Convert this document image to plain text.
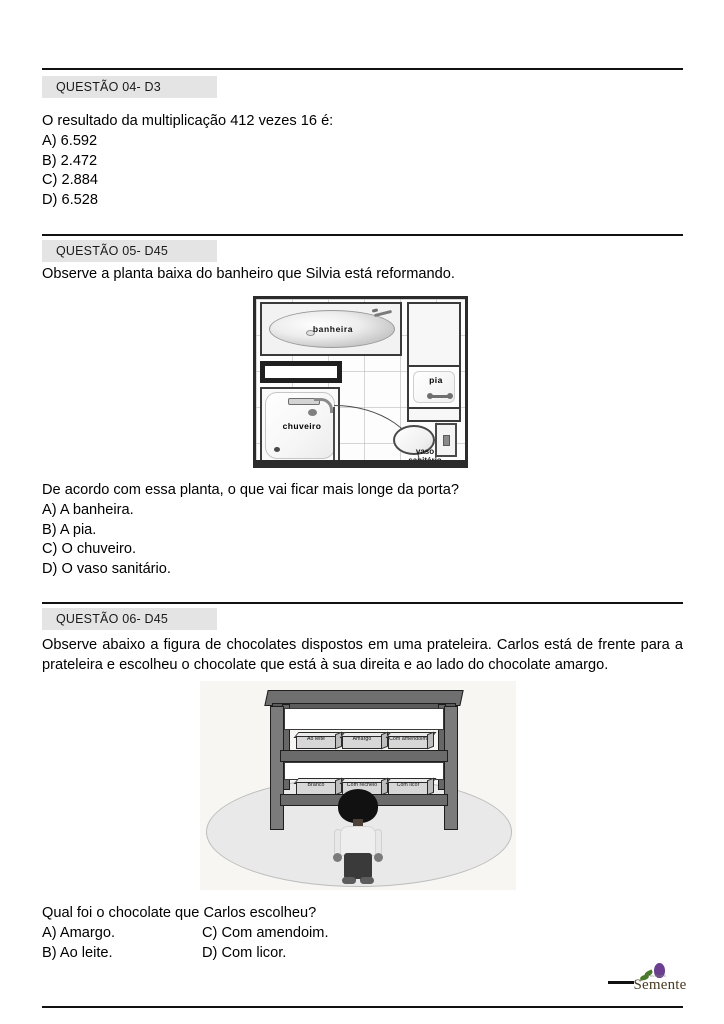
QUESTÃO 04- D3
O resultado da multiplicação 412 vezes 16 é:
A) 6.592
B) 2.472
C) 2.884
D) 6.528
QUESTÃO 05- D45
Observe a planta baixa do banheiro que Silvia está reformando.
banheira
chuveiro
pia
vaso

De acordo com essa planta, o que vai ficar mais longe da porta?
A) A banheira.
B) A pia.
C) O chuveiro.
D) O vaso sanitário.
QUESTÃO 06- D45
Observe abaixo a figura de chocolates dispostos em uma prateleira. Carlos está de frente para a prateleira e escolheu o chocolate que está à sua direita e ao lado do chocolate amargo.
Ao leite	Amargo	Com amendoim
Branco	Com recheio	Com licor
Qual foi o chocolate que Carlos escolheu?
A) Amargo.	C) Com amendoim.
B) Ao leite.	D) Com licor.
instituto
Semente
